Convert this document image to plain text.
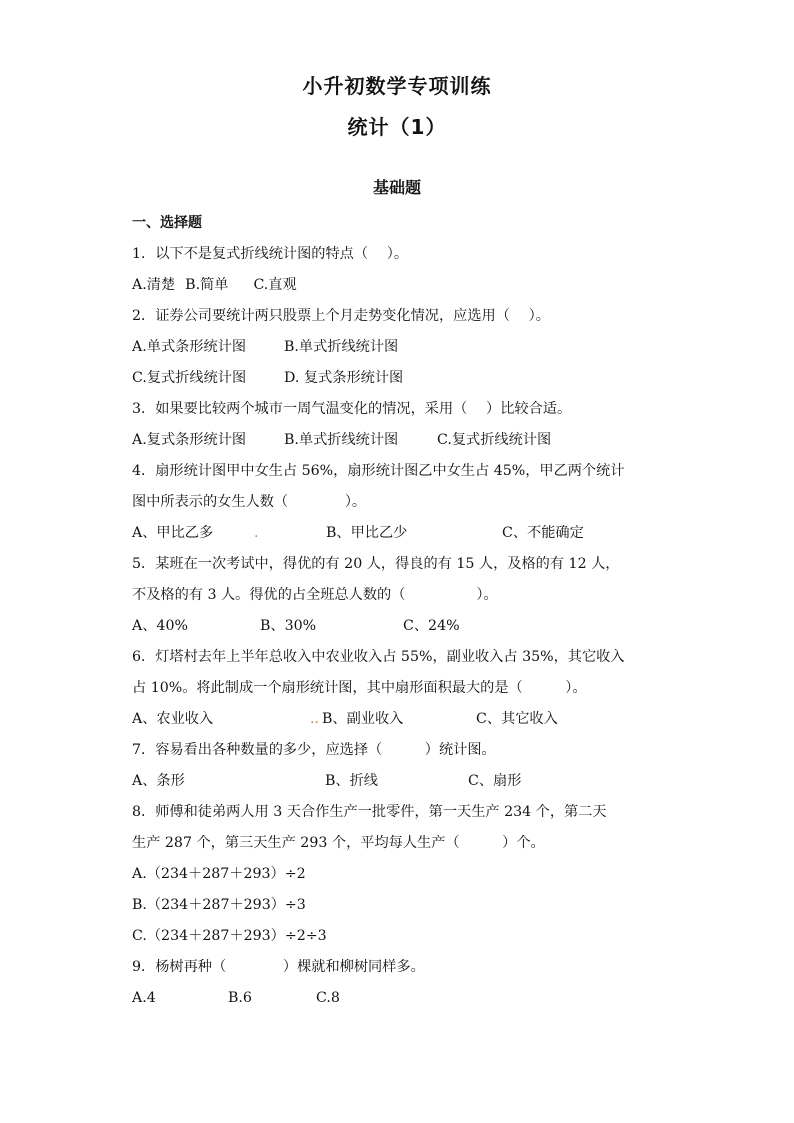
小升初数学专项训练
统计（1）
基础题
一、选择题
1．以下不是复式折线统计图的特点（　 ）。
A.清楚 B.简单 C.直观
2．证券公司要统计两只股票上个月走势变化情况，应选用（　 ）。
A.单式条形统计图	B.单式折线统计图
C.复式折线统计图	D. 复式条形统计图
3．如果要比较两个城市一周气温变化的情况，采用（　 ）比较合适。
A.复式条形统计图	B.单式折线统计图	C.复式折线统计图
4．扇形统计图甲中女生占 56%，扇形统计图乙中女生占 45%，甲乙两个统计
图中所表示的女生人数（　　　　）。
A、甲比乙多	.	B、甲比乙少	C、不能确定
5．某班在一次考试中，得优的有 20 人，得良的有 15 人，及格的有 12 人，
不及格的有 3 人。得优的占全班总人数的（　　　　　）。
A、40%	B、30%	C、24%
6．灯塔村去年上半年总收入中农业收入占 55%，副业收入占 35%，其它收入
占 10%。将此制成一个扇形统计图，其中扇形面积最大的是（　　　）。
A、农业收入	.. B、副业收入	C、其它收入
7．容易看出各种数量的多少，应选择（　　　）统计图。
A、条形	B、折线	C、扇形
8．师傅和徒弟两人用 3 天合作生产一批零件，第一天生产 234 个，第二天
生产 287 个，第三天生产 293 个，平均每人生产（　　　）个。
A.（234＋287＋293）÷2
B.（234＋287＋293）÷3
C.（234＋287＋293）÷2÷3
9．杨树再种（　　　　）棵就和柳树同样多。
A.4	B.6	C.8
